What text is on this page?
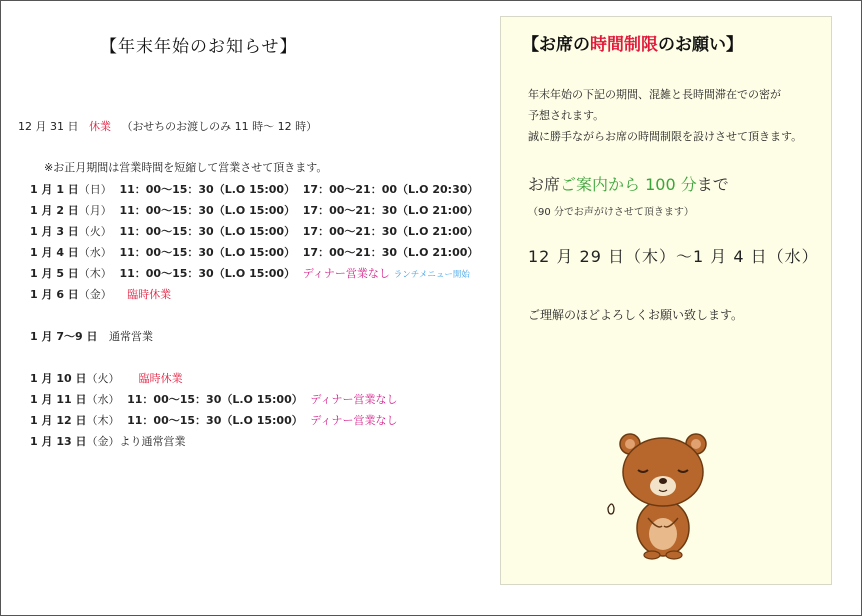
【年末年始のお知らせ】
12 月 31 日 休業 （おせちのお渡しのみ 11 時～ 12 時）
※お正月期間は営業時間を短縮して営業させて頂きます。
1 月 1 日（日） 11：00～15：30（L.O 15:00） 17：00～21：00（L.O 20:30）
1 月 2 日（月） 11：00～15：30（L.O 15:00） 17：00～21：30（L.O 21:00）
1 月 3 日（火） 11：00～15：30（L.O 15:00） 17：00～21：30（L.O 21:00）
1 月 4 日（水） 11：00～15：30（L.O 15:00） 17：00～21：30（L.O 21:00）
1 月 5 日（木） 11：00～15：30（L.O 15:00） ディナー営業なし ランチメニュー開始
1 月 6 日（金） 臨時休業
1 月 7〜9 日 通常営業
1 月 10 日（火） 臨時休業
1 月 11 日（水） 11：00～15：30（L.O 15:00） ディナー営業なし
1 月 12 日（木） 11：00～15：30（L.O 15:00） ディナー営業なし
1 月 13 日（金）より通常営業
【お席の時間制限のお願い】
年末年始の下記の期間、混雑と長時間滞在での密が
予想されます。
誠に勝手ながらお席の時間制限を設けさせて頂きます。
お席ご案内から 100 分まで
（90 分でお声がけさせて頂きます）
12 月 29 日（木）～1 月 4 日（水）
ご理解のほどよろしくお願い致します。
